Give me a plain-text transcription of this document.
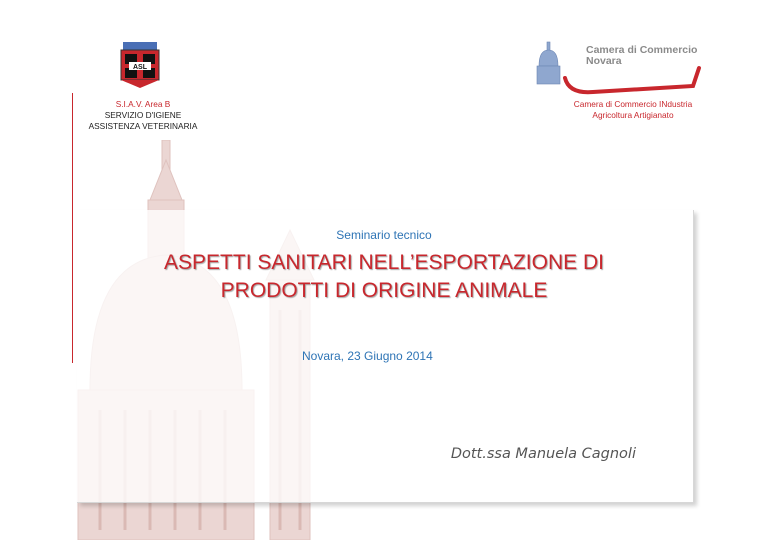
ASL
S.I.A.V. Area B
SERVIZIO D'IGIENE
ASSISTENZA VETERINARIA
Camera di Commercio
Novara
Camera di Commercio INdustria
Agricoltura Artigianato
Seminario tecnico
ASPETTI SANITARI NELL’ESPORTAZIONE DI
PRODOTTI DI ORIGINE ANIMALE
Novara, 23 Giugno 2014
Dott.ssa Manuela Cagnoli
